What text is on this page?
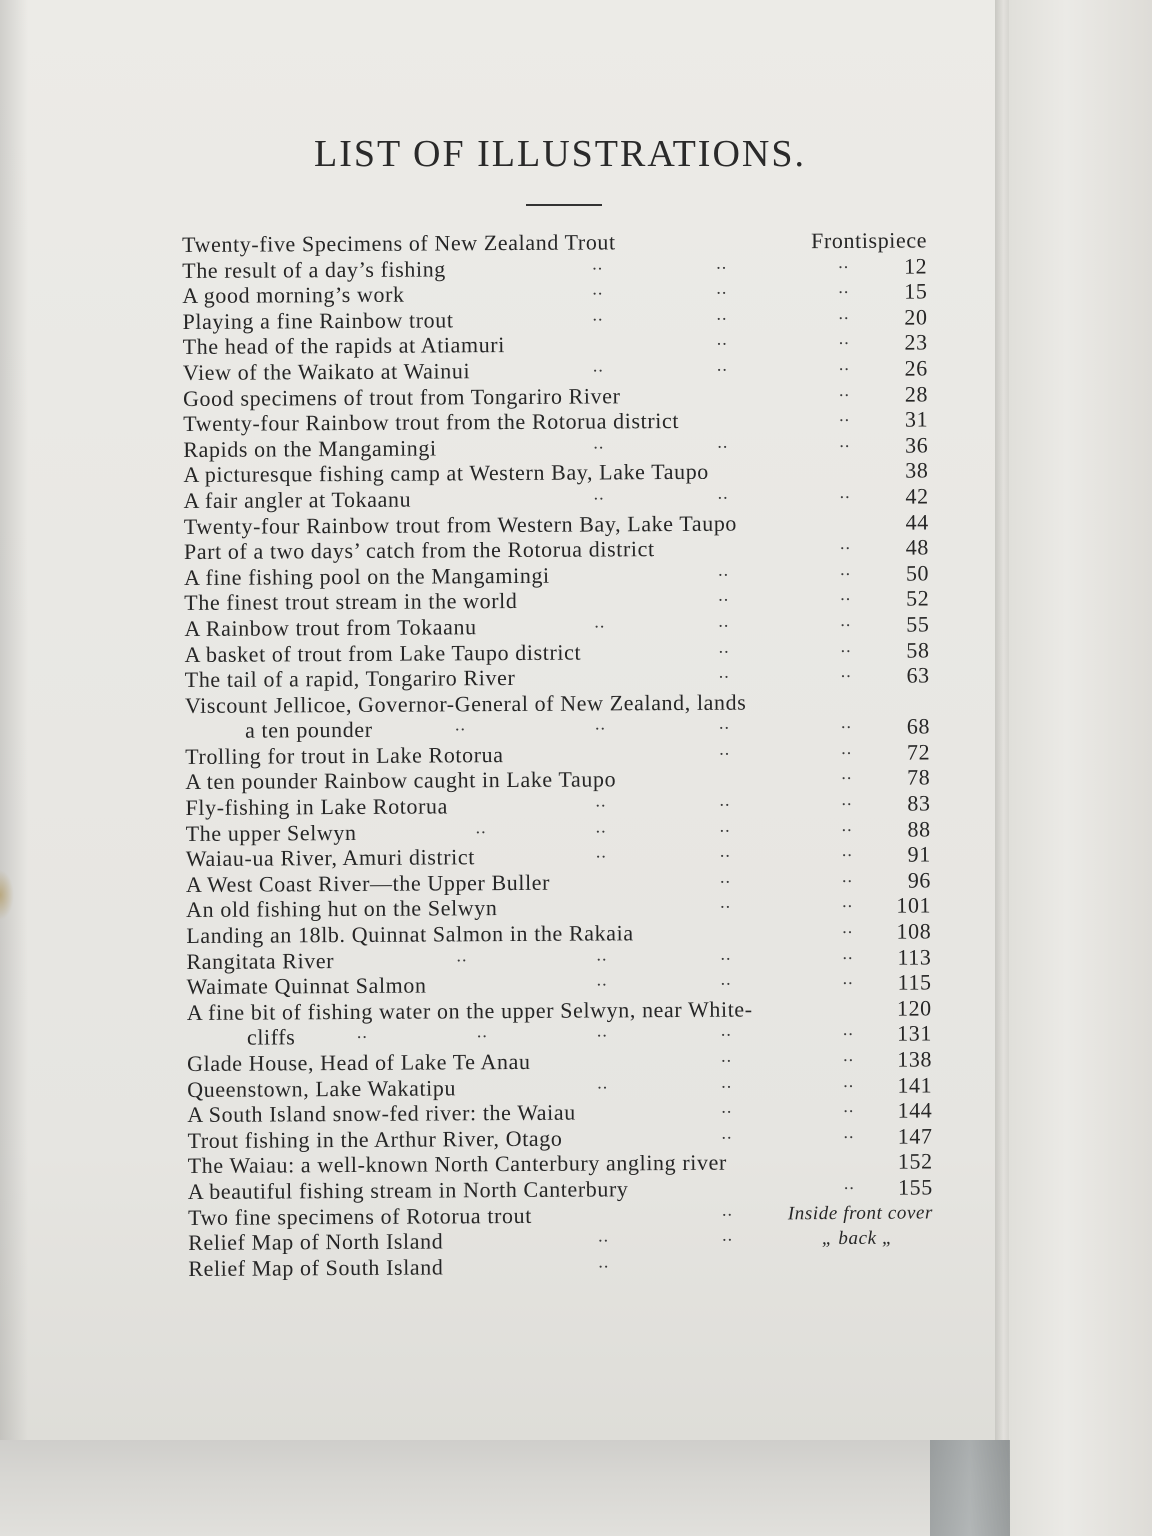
LIST OF ILLUSTRATIONS.
Twenty-five Specimens of New Zealand Trout	Frontispiece
The result of a day’s fishing	..	..	.. 12
A good morning’s work	..	..	.. 15
Playing a fine Rainbow trout	..	..	.. 20
The head of the rapids at Atiamuri	..	.. 23
View of the Waikato at Wainui	..	..	.. 26
Good specimens of trout from Tongariro River	.. 28
Twenty-four Rainbow trout from the Rotorua district	.. 31
Rapids on the Mangamingi	..	..	.. 36
A picturesque fishing camp at Western Bay, Lake Taupo	38
A fair angler at Tokaanu	..	..	.. 42
Twenty-four Rainbow trout from Western Bay, Lake Taupo	44
Part of a two days’ catch from the Rotorua district	.. 48
A fine fishing pool on the Mangamingi	..	.. 50
The finest trout stream in the world	..	.. 52
A Rainbow trout from Tokaanu	..	..	.. 55
A basket of trout from Lake Taupo district	..	.. 58
The tail of a rapid, Tongariro River	..	.. 63
Viscount Jellicoe, Governor-General of New Zealand, lands
a ten pounder	..	..	..	.. 68
Trolling for trout in Lake Rotorua	..	.. 72
A ten pounder Rainbow caught in Lake Taupo	.. 78
Fly-fishing in Lake Rotorua	..	..	.. 83
The upper Selwyn	..	..	..	.. 88
Waiau-ua River, Amuri district	..	..	.. 91
A West Coast River—the Upper Buller	..	.. 96
An old fishing hut on the Selwyn	..	.. 101
Landing an 18lb. Quinnat Salmon in the Rakaia	.. 108
Rangitata River	..	..	..	.. 113
Waimate Quinnat Salmon	..	..	.. 115
A fine bit of fishing water on the upper Selwyn, near White-	120
cliffs	..	..	..	..	.. 131
Glade House, Head of Lake Te Anau	..	.. 138
Queenstown, Lake Wakatipu	..	..	.. 141
A South Island snow-fed river: the Waiau	..	.. 144
Trout fishing in the Arthur River, Otago	..	.. 147
The Waiau: a well-known North Canterbury angling river	152
A beautiful fishing stream in North Canterbury	.. 155
Two fine specimens of Rotorua trout	..	Inside front cover
Relief Map of North Island	..	..	„ back „
Relief Map of South Island	..
